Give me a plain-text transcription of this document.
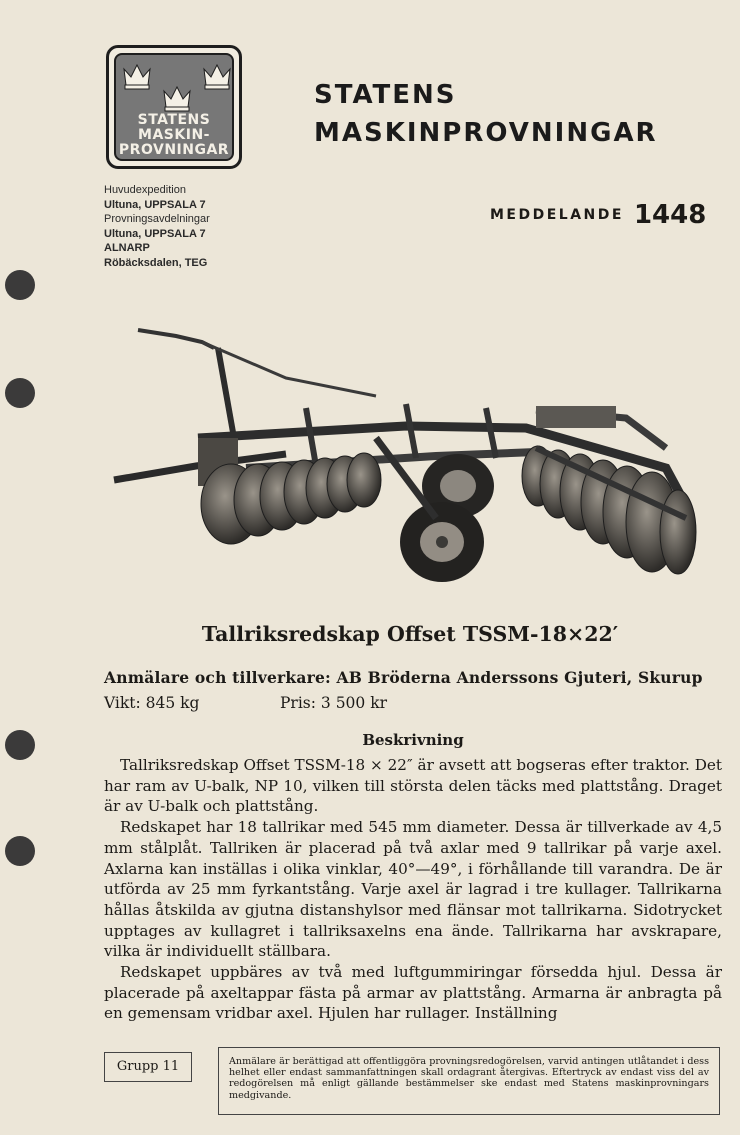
STATENS
MASKIN-
PROVNINGAR
STATENS
MASKINPROVNINGAR
Huvudexpedition
Ultuna, UPPSALA 7
Provningsavdelningar
Ultuna, UPPSALA 7
ALNARP
Röbäcksdalen, TEG
MEDDELANDE 1448
Tallriksredskap Offset TSSM-18×22′
Anmälare och tillverkare: AB Bröderna Anderssons Gjuteri, Skurup
Vikt: 845 kg	Pris: 3 500 kr
Beskrivning

Tallriksredskap Offset TSSM-18 × 22″ är avsett att bogseras efter traktor. Det har ram av U-balk, NP 10, vilken till största delen täcks med plattstång. Draget är av U-balk och plattstång.

Redskapet har 18 tallrikar med 545 mm diameter. Dessa är tillverkade av 4,5 mm stålplåt. Tallriken är placerad på två axlar med 9 tallrikar på varje axel. Axlarna kan inställas i olika vinklar, 40°—49°, i förhållande till varandra. De är utförda av 25 mm fyrkantstång. Varje axel är lagrad i tre kullager. Tallrikarna hållas åtskilda av gjutna distanshylsor med flänsar mot tallrikarna. Sidotrycket upptages av kullagret i tallriksaxelns ena ände. Tallrikarna har avskrapare, vilka är individuellt ställbara.

Redskapet uppbäres av två med luftgummiringar försedda hjul. Dessa är placerade på axeltappar fästa på armar av plattstång. Armarna är anbragta på en gemensam vridbar axel. Hjulen har rullager. Inställning

Grupp 11	Anmälare är berättigad att offentliggöra provningsredogörelsen, varvid antingen utlåtandet i dess helhet eller endast sammanfattningen skall ordagrant återgivas. Eftertryck av endast viss del av redogörelsen må enligt gällande bestämmelser ske endast med Statens maskinprovningars medgivande.
